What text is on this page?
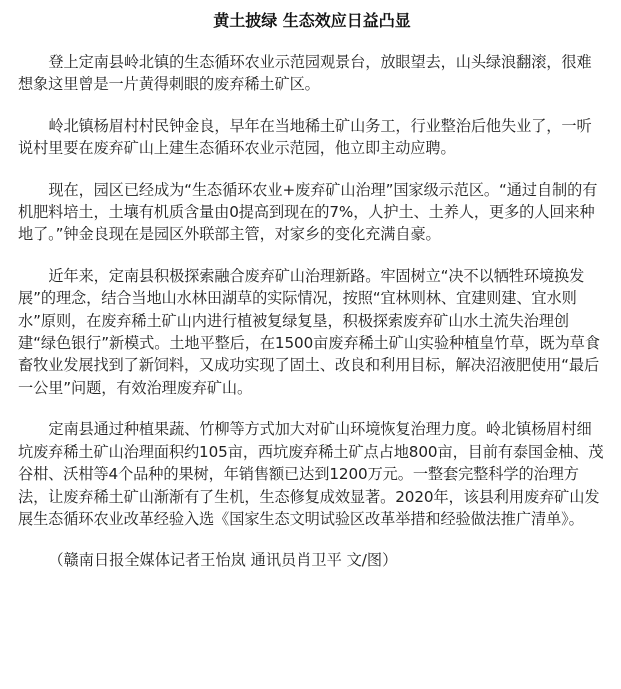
黄土披绿 生态效应日益凸显

登上定南县岭北镇的生态循环农业示范园观景台，放眼望去，山头绿浪翻滚，很难想象这里曾是一片黄得刺眼的废弃稀土矿区。

岭北镇杨眉村村民钟金良，早年在当地稀土矿山务工，行业整治后他失业了，一听说村里要在废弃矿山上建生态循环农业示范园，他立即主动应聘。

现在，园区已经成为“生态循环农业+废弃矿山治理”国家级示范区。“通过自制的有机肥料培土，土壤有机质含量由0提高到现在的7%，人护土、土养人，更多的人回来种地了。”钟金良现在是园区外联部主管，对家乡的变化充满自豪。

近年来，定南县积极探索融合废弃矿山治理新路。牢固树立“决不以牺牲环境换发展”的理念，结合当地山水林田湖草的实际情况，按照“宜林则林、宜建则建、宜水则水”原则，在废弃稀土矿山内进行植被复绿复垦，积极探索废弃矿山水土流失治理创建“绿色银行”新模式。土地平整后，在1500亩废弃稀土矿山实验种植皇竹草，既为草食畜牧业发展找到了新饲料，又成功实现了固土、改良和利用目标，解决沼液肥使用“最后一公里”问题，有效治理废弃矿山。

定南县通过种植果蔬、竹柳等方式加大对矿山环境恢复治理力度。岭北镇杨眉村细坑废弃稀土矿山治理面积约105亩，西坑废弃稀土矿点占地800亩，目前有泰国金柚、茂谷柑、沃柑等4个品种的果树，年销售额已达到1200万元。一整套完整科学的治理方法，让废弃稀土矿山渐渐有了生机，生态修复成效显著。2020年，该县利用废弃矿山发展生态循环农业改革经验入选《国家生态文明试验区改革举措和经验做法推广清单》。

（赣南日报全媒体记者王怡岚 通讯员肖卫平 文/图）
